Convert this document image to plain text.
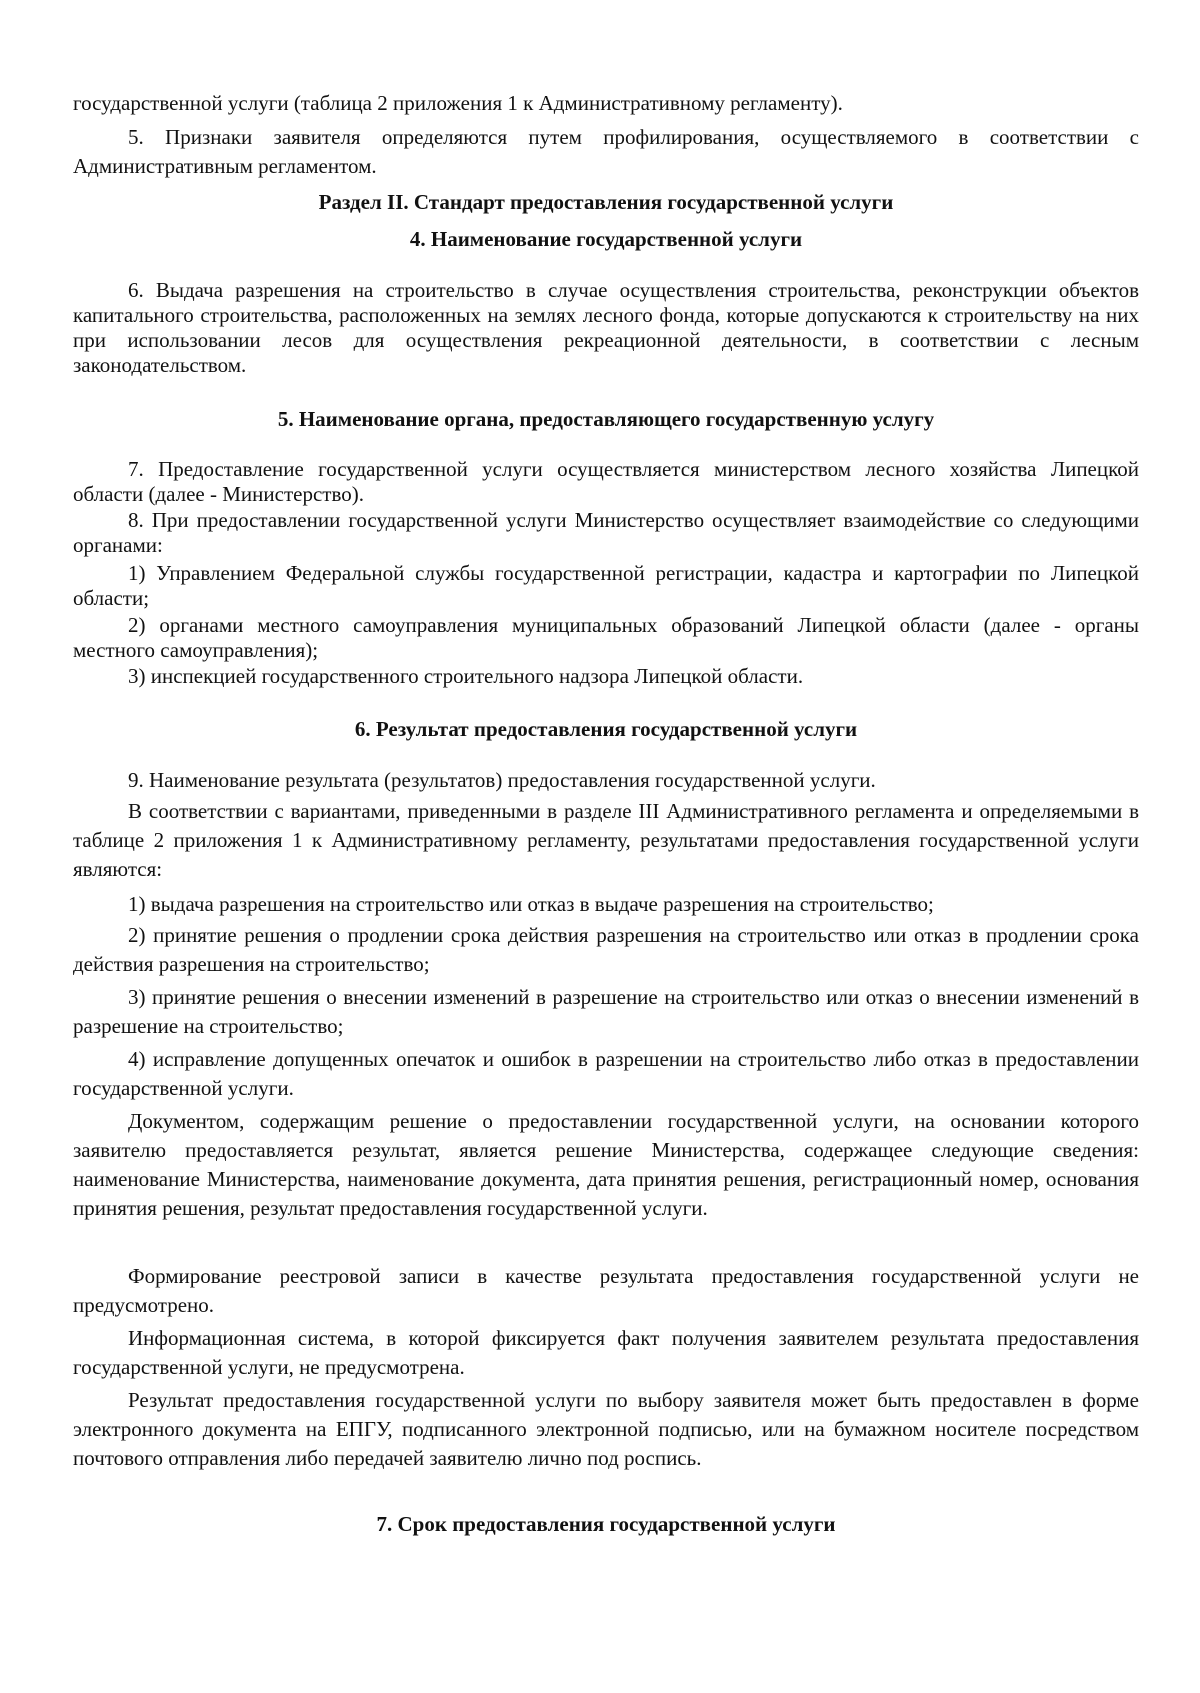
государственной услуги (таблица 2 приложения 1 к Административному регламенту).

5. Признаки заявителя определяются путем профилирования, осуществляемого в соответствии с Административным регламентом.

Раздел II. Стандарт предоставления государственной услуги
4. Наименование государственной услуги

6. Выдача разрешения на строительство в случае осуществления строительства, реконструкции объектов капитального строительства, расположенных на землях лесного фонда, которые допускаются к строительству на них при использовании лесов для осуществления рекреационной деятельности, в соответствии с лесным законодательством.

5. Наименование органа, предоставляющего государственную услугу

7. Предоставление государственной услуги осуществляется министерством лесного хозяйства Липецкой области (далее - Министерство).

8. При предоставлении государственной услуги Министерство осуществляет взаимодействие со следующими органами:

1) Управлением Федеральной службы государственной регистрации, кадастра и картографии по Липецкой области;

2) органами местного самоуправления муниципальных образований Липецкой области (далее - органы местного самоуправления);

3) инспекцией государственного строительного надзора Липецкой области.

6. Результат предоставления государственной услуги

9. Наименование результата (результатов) предоставления государственной услуги.

В соответствии с вариантами, приведенными в разделе III Административного регламента и определяемыми в таблице 2 приложения 1 к Административному регламенту, результатами предоставления государственной услуги являются:

1) выдача разрешения на строительство или отказ в выдаче разрешения на строительство;

2) принятие решения о продлении срока действия разрешения на строительство или отказ в продлении срока действия разрешения на строительство;

3) принятие решения о внесении изменений в разрешение на строительство или отказ о внесении изменений в разрешение на строительство;

4) исправление допущенных опечаток и ошибок в разрешении на строительство либо отказ в предоставлении государственной услуги.

Документом, содержащим решение о предоставлении государственной услуги, на основании которого заявителю предоставляется результат, является решение Министерства, содержащее следующие сведения: наименование Министерства, наименование документа, дата принятия решения, регистрационный номер, основания принятия решения, результат предоставления государственной услуги.

Формирование реестровой записи в качестве результата предоставления государственной услуги не предусмотрено.

Информационная система, в которой фиксируется факт получения заявителем результата предоставления государственной услуги, не предусмотрена.

Результат предоставления государственной услуги по выбору заявителя может быть предоставлен в форме электронного документа на ЕПГУ, подписанного электронной подписью, или на бумажном носителе посредством почтового отправления либо передачей заявителю лично под роспись.

7. Срок предоставления государственной услуги
